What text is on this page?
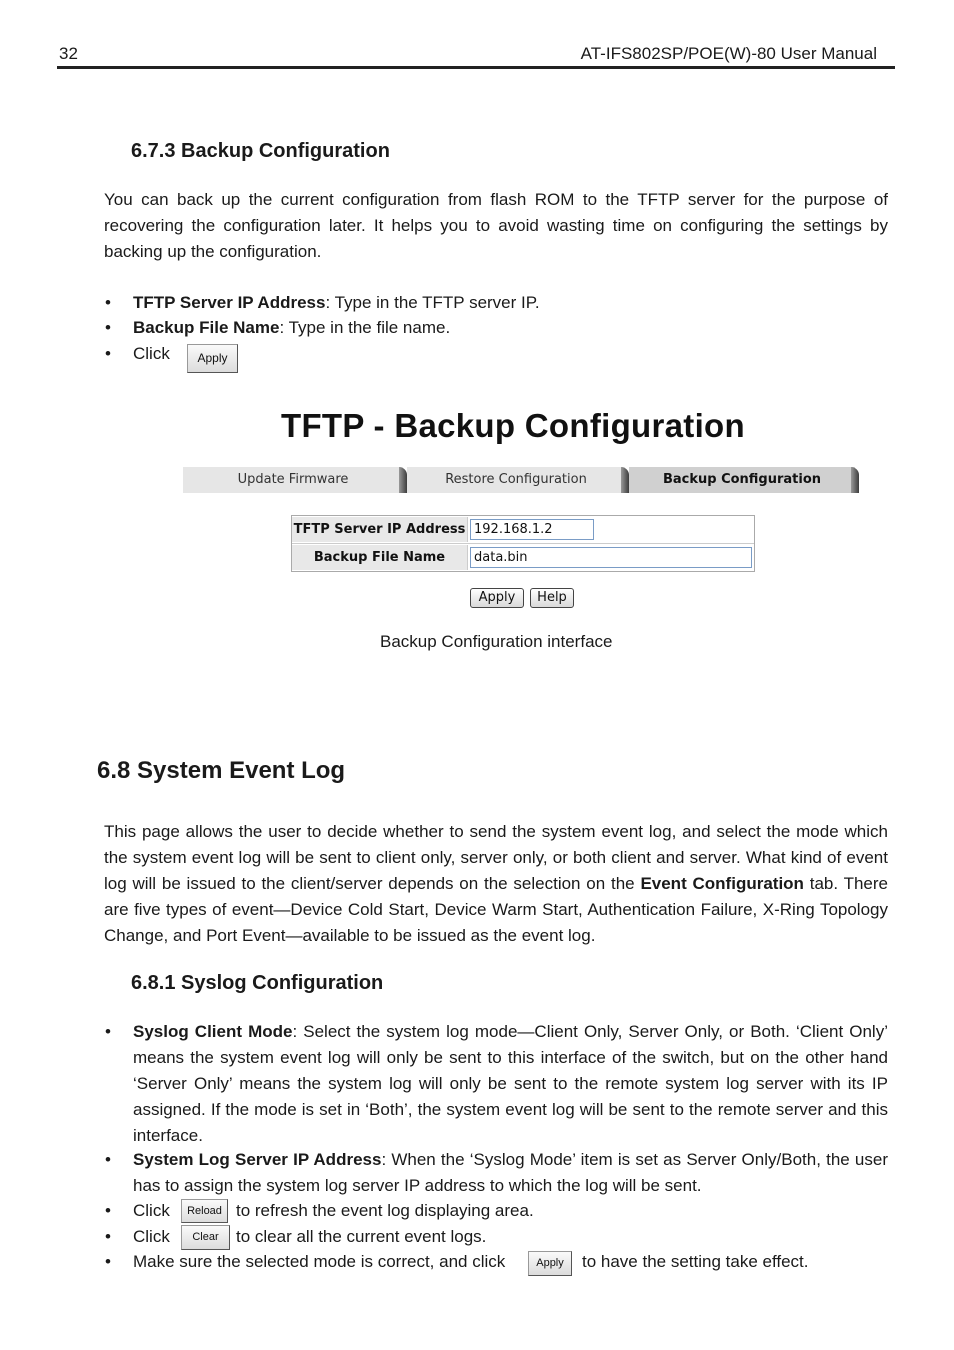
32	AT-IFS802SP/POE(W)-80 User Manual
6.7.3 Backup Configuration
You can back up the current configuration from flash ROM to the TFTP server for the purpose of recovering the configuration later. It helps you to avoid wasting time on configuring the settings by backing up the configuration.
• TFTP Server IP Address: Type in the TFTP server IP.
• Backup File Name: Type in the file name.
• Click	Apply
TFTP - Backup Configuration
Update Firmware	Restore Configuration	Backup Configuration
TFTP Server IP Address 192.168.1.2
Backup File Name	data.bin
Apply	Help
Backup Configuration interface
6.8 System Event Log
This page allows the user to decide whether to send the system event log, and select the mode which the system event log will be sent to client only, server only, or both client and server. What kind of event log will be issued to the client/server depends on the selection on the Event Configuration tab. There are five types of event—Device Cold Start, Device Warm Start, Authentication Failure, X-Ring Topology Change, and Port Event—available to be issued as the event log.
6.8.1 Syslog Configuration
• Syslog Client Mode: Select the system log mode—Client Only, Server Only, or Both. ‘Client Only’ means the system event log will only be sent to this interface of the switch, but on the other hand ‘Server Only’ means the system log will only be sent to the remote system log server with its IP assigned. If the mode is set in ‘Both’, the system event log will be sent to the remote server and this interface.
• System Log Server IP Address: When the ‘Syslog Mode’ item is set as Server Only/Both, the user has to assign the system log server IP address to which the log will be sent.
• Click	Reload to refresh the event log displaying area.
• Click	Clear	to clear all the current event logs.
• Make sure the selected mode is correct, and click	Apply	to have the setting take effect.
